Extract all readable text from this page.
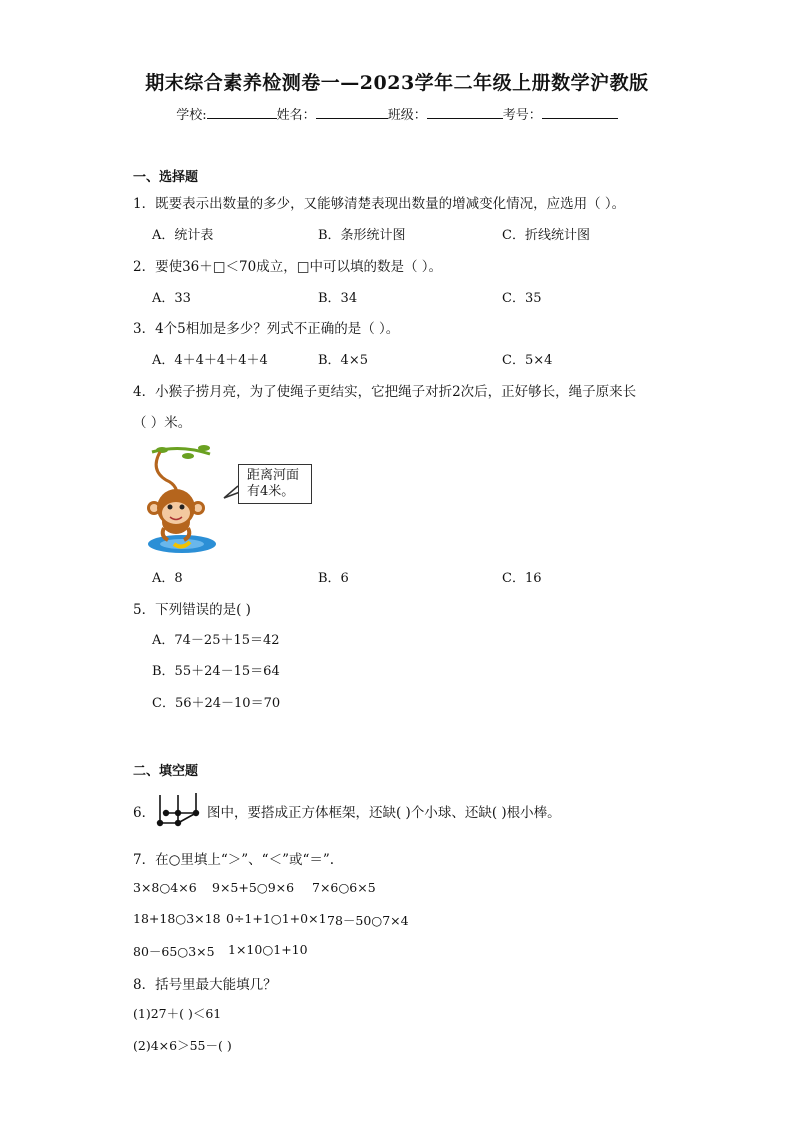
期末综合素养检测卷一—2023学年二年级上册数学沪教版
学校:	姓名：	班级：	考号：
一、选择题
1．既要表示出数量的多少，又能够清楚表现出数量的增减变化情况，应选用（ ）。
A．统计表	B．条形统计图	C．折线统计图
2．要使36＋□＜70成立，□中可以填的数是（ ）。
A．33	B．34	C．35
3．4个5相加是多少？列式不正确的是（ ）。
A．4＋4＋4＋4＋4	B．4×5	C．5×4
4．小猴子捞月亮，为了使绳子更结实，它把绳子对折2次后，正好够长，绳子原来长
（ ）米。
距离河面有4米。
A．8	B．6	C．16
5．下列错误的是( )
A．74－25＋15＝42
B．55＋24－15＝64
C．56＋24－10＝70
二、填空题
6．	图中，要搭成正方体框架，还缺( )个小球、还缺( )根小棒。
7．在○里填上“＞”、“＜”或“＝”.
3×8○4×6 9×5+5○9×6 7×6○6×5
18+18○3×18 0÷1+1○1+0×1 78－50○7×4
80－65○3×5 1×10○1+10
8．括号里最大能填几？
(1)27＋( )＜61
(2)4×6＞55－( )
